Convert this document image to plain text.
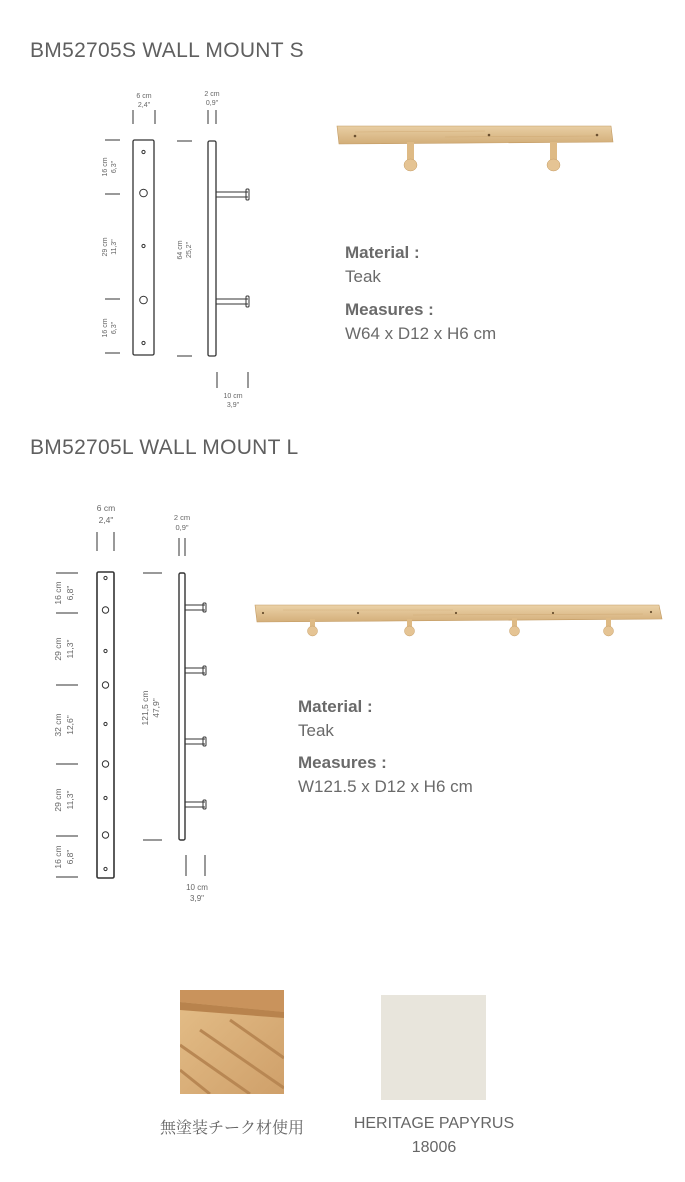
BM52705S WALL MOUNT S
6 cm
2,4"
2 cm
0,9"
16 cm 6,3"
29 cm 11,3"
16 cm 6,3"
64 cm 25,2"
10 cm
3,9"
Material :
Teak
Measures :
W64 x D12 x H6 cm
BM52705L WALL MOUNT L
6 cm
2,4"	2 cm
0,9"
16 cm 6,8"
29 cm 11,3"
32 cm 12,6"
29 cm 11,3"
16 cm 6,8"
121,5 cm 47,9"
10 cm
3,9"
Material :
Teak
Measures :
W121.5 x D12 x H6 cm
無塗装チーク材使用	HERITAGE PAPYRUS
18006
